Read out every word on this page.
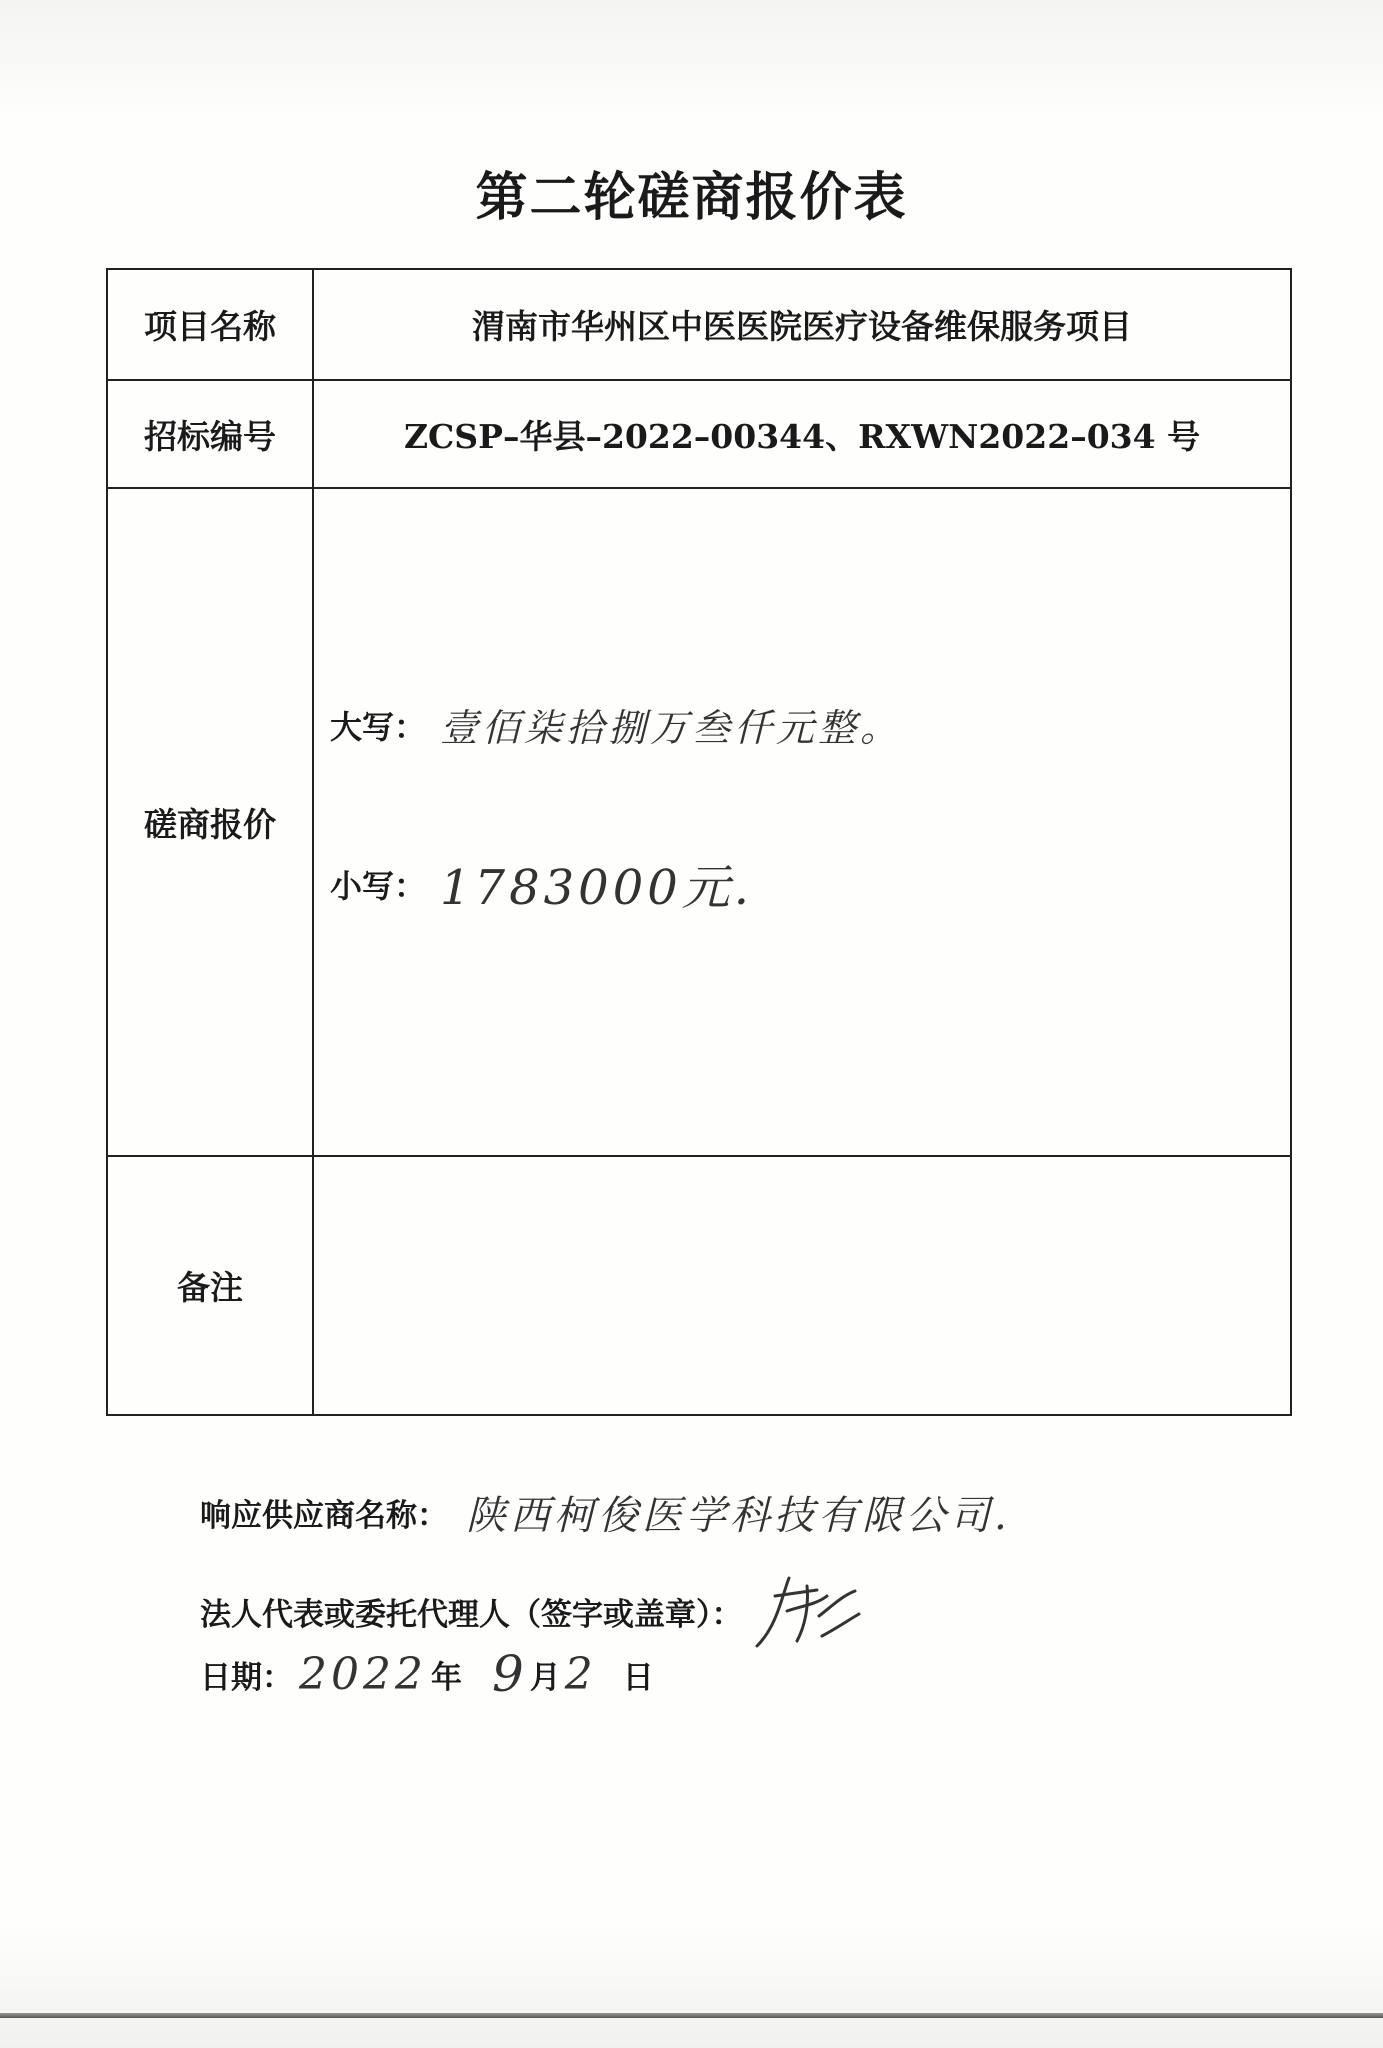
第二轮磋商报价表
项目名称	渭南市华州区中医医院医疗设备维保服务项目
招标编号	ZCSP–华县–2022–00344、RXWN2022–034 号
磋商报价	大写： 壹佰柒拾捌万叁仟元整。
小写： 1783000元.

备注	
响应供应商名称： 陕西柯俊医学科技有限公司.
法人代表或委托代理人（签字或盖章）：
日期： 2022 年 9 月 2 日
